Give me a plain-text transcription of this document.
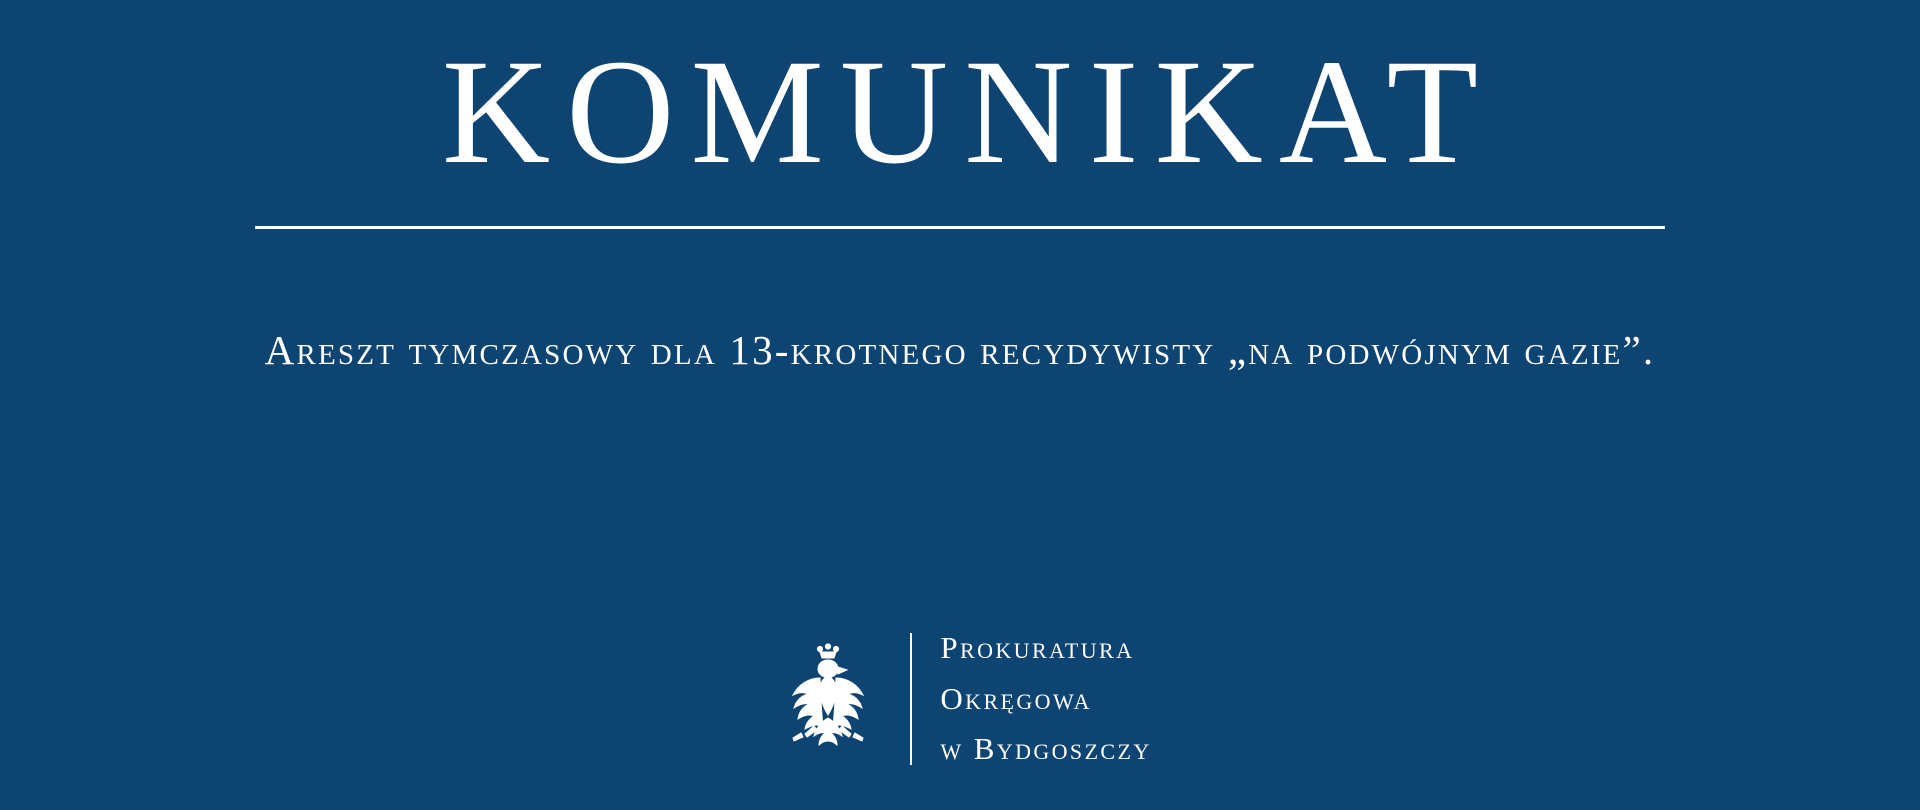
KOMUNIKAT
Areszt tymczasowy dla 13-krotnego recydywisty „na podwójnym gazie”.
Prokuratura
Okręgowa
w Bydgoszczy
